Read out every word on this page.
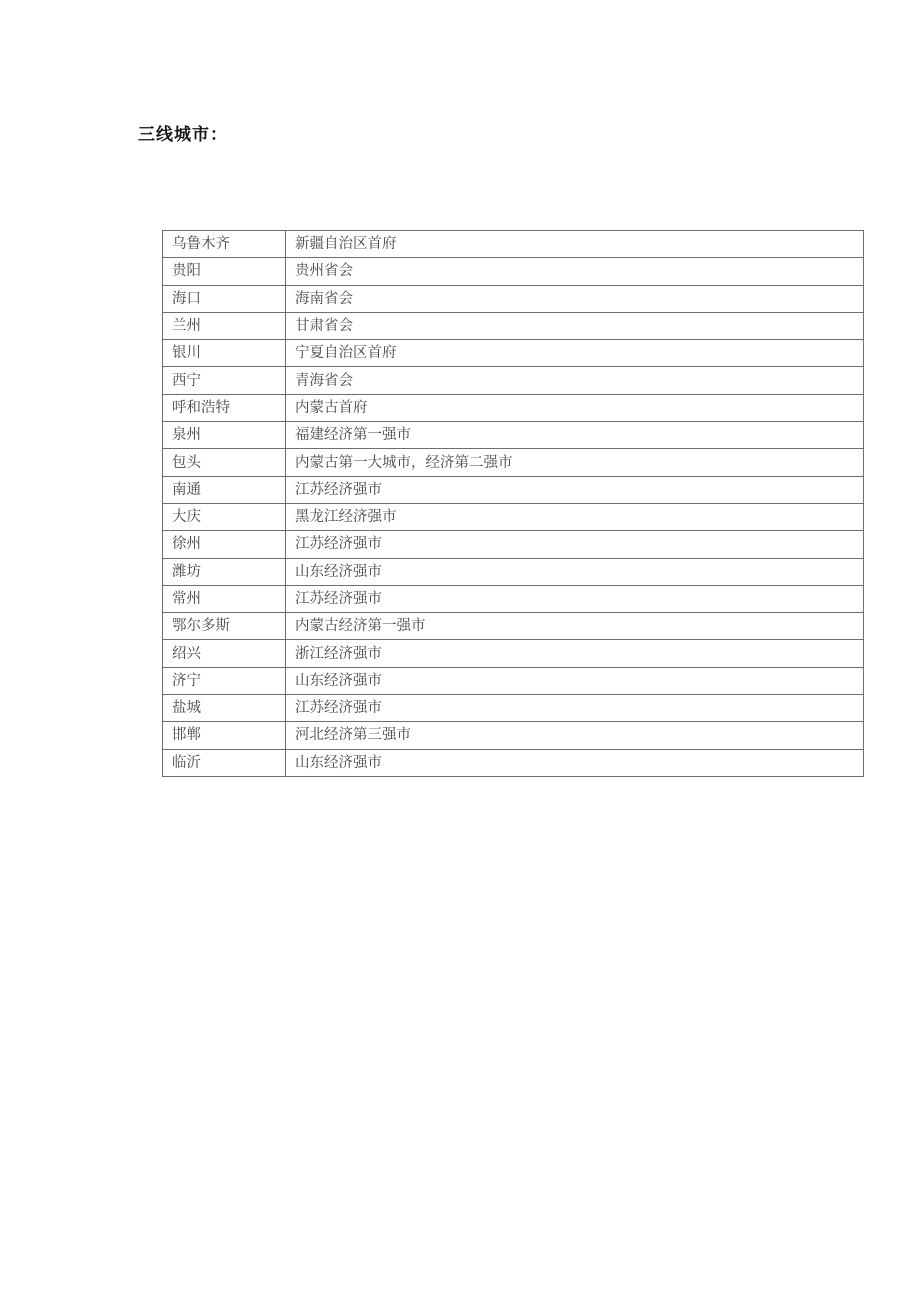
三线城市：
乌鲁木齐	新疆自治区首府
贵阳	贵州省会
海口	海南省会
兰州	甘肃省会
银川	宁夏自治区首府
西宁	青海省会
呼和浩特	内蒙古首府
泉州	福建经济第一强市
包头	内蒙古第一大城市，经济第二强市
南通	江苏经济强市
大庆	黑龙江经济强市
徐州	江苏经济强市
潍坊	山东经济强市
常州	江苏经济强市
鄂尔多斯	内蒙古经济第一强市
绍兴	浙江经济强市
济宁	山东经济强市
盐城	江苏经济强市
邯郸	河北经济第三强市
临沂	山东经济强市
